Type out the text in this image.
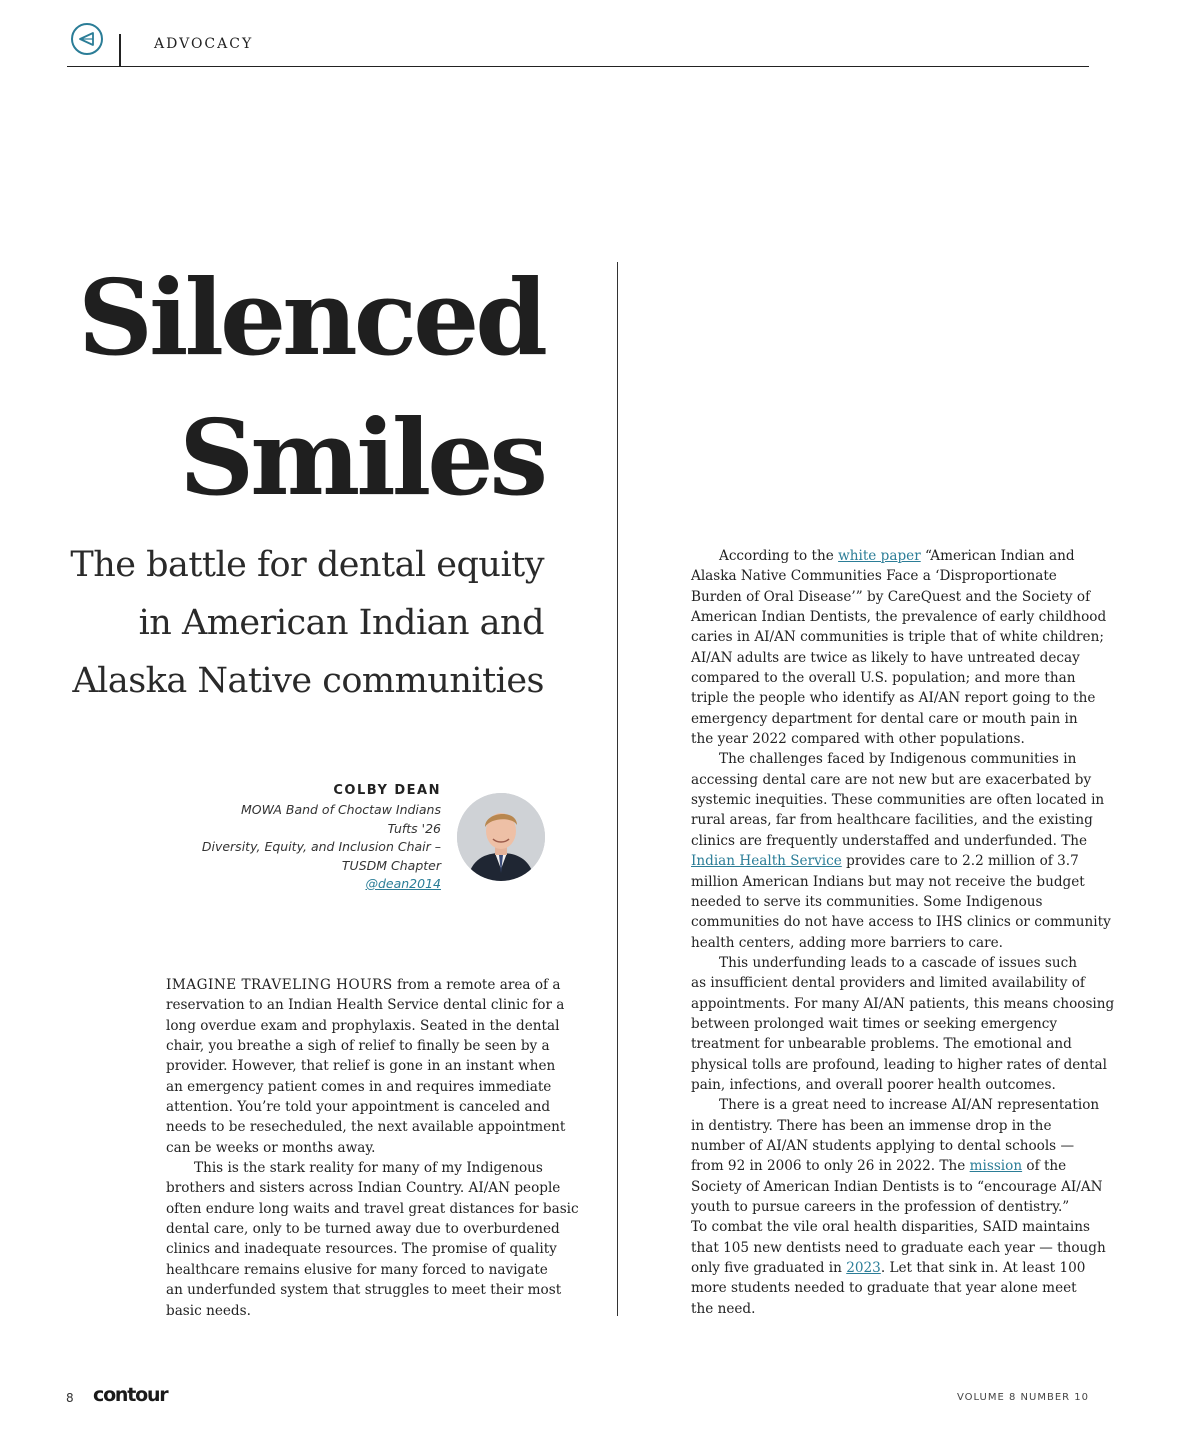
ADVOCACY
Silenced
Smiles
The battle for dental equity
in American Indian and
Alaska Native communities
COLBY DEAN
MOWA Band of Choctaw Indians
Tufts '26
Diversity, Equity, and Inclusion Chair –
TUSDM Chapter
@dean2014
IMAGINE TRAVELING HOURS from a remote area of a
reservation to an Indian Health Service dental clinic for a
long overdue exam and prophylaxis. Seated in the dental
chair, you breathe a sigh of relief to finally be seen by a
provider. However, that relief is gone in an instant when
an emergency patient comes in and requires immediate
attention. You’re told your appointment is canceled and
needs to be resecheduled, the next available appointment
can be weeks or months away.
This is the stark reality for many of my Indigenous
brothers and sisters across Indian Country. AI/AN people
often endure long waits and travel great distances for basic
dental care, only to be turned away due to overburdened
clinics and inadequate resources. The promise of quality
healthcare remains elusive for many forced to navigate
an underfunded system that struggles to meet their most
basic needs.
According to the white paper “American Indian and
Alaska Native Communities Face a ‘Disproportionate
Burden of Oral Disease’” by CareQuest and the Society of
American Indian Dentists, the prevalence of early childhood
caries in AI/AN communities is triple that of white children;
AI/AN adults are twice as likely to have untreated decay
compared to the overall U.S. population; and more than
triple the people who identify as AI/AN report going to the
emergency department for dental care or mouth pain in
the year 2022 compared with other populations.
The challenges faced by Indigenous communities in
accessing dental care are not new but are exacerbated by
systemic inequities. These communities are often located in
rural areas, far from healthcare facilities, and the existing
clinics are frequently understaffed and underfunded. The
Indian Health Service provides care to 2.2 million of 3.7
million American Indians but may not receive the budget
needed to serve its communities. Some Indigenous
communities do not have access to IHS clinics or community
health centers, adding more barriers to care.
This underfunding leads to a cascade of issues such
as insufficient dental providers and limited availability of
appointments. For many AI/AN patients, this means choosing
between prolonged wait times or seeking emergency
treatment for unbearable problems. The emotional and
physical tolls are profound, leading to higher rates of dental
pain, infections, and overall poorer health outcomes.
There is a great need to increase AI/AN representation
in dentistry. There has been an immense drop in the
number of AI/AN students applying to dental schools —
from 92 in 2006 to only 26 in 2022. The mission of the
Society of American Indian Dentists is to “encourage AI/AN
youth to pursue careers in the profession of dentistry.”
To combat the vile oral health disparities, SAID maintains
that 105 new dentists need to graduate each year — though
only five graduated in 2023. Let that sink in. At least 100
more students needed to graduate that year alone meet
the need.
8 contour	VOLUME 8 NUMBER 10
